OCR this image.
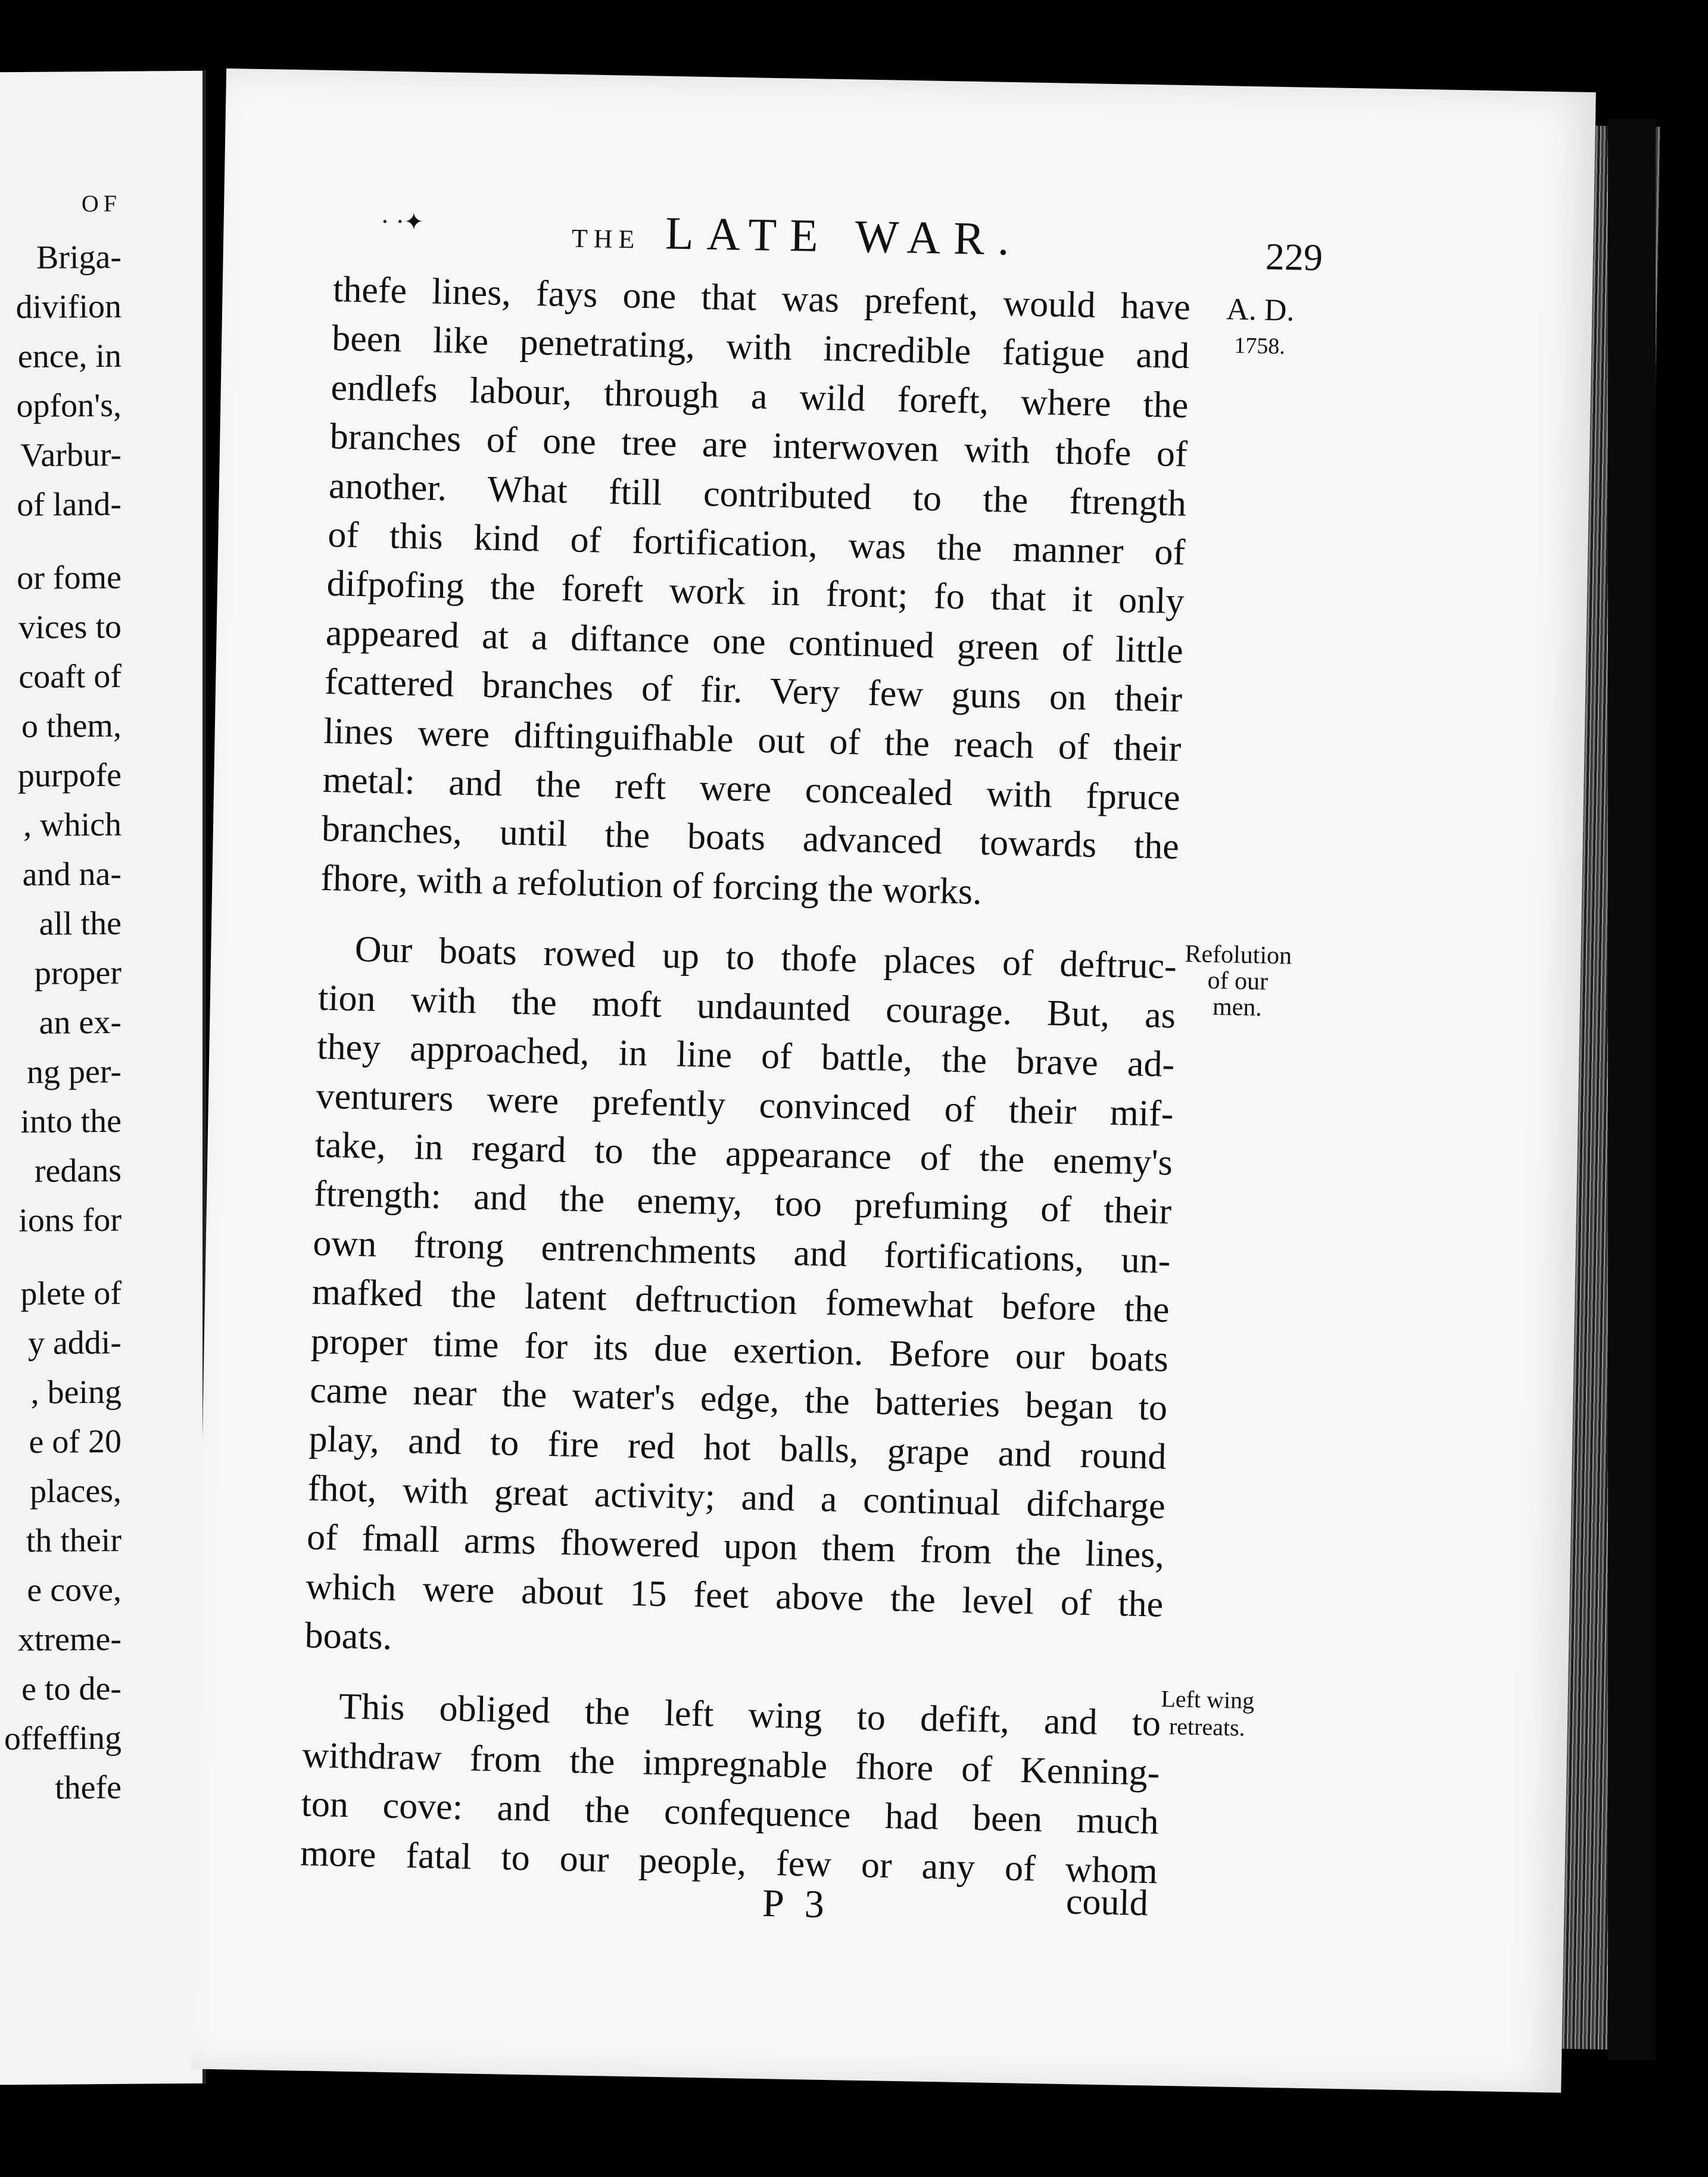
OF
Briga-
divifion
ence, in
opfon's,
Varbur-
of land-
or fome
vices to
coaft of
o them,
purpofe
, which
and na-
all the
proper
an ex-
ng per-
into the
redans
ions for
plete of
y addi-
, being
e of 20
places,
th their
e cove,
xtreme-
e to de-
offeffing
thefe
· ·✦
THE LATE WAR.	229
A. D.
1758.
Refolution
of our
men.
Left wing
retreats.
thefe lines, fays one that was prefent, would have
been like penetrating, with incredible fatigue and
endlefs labour, through a wild foreft, where the
branches of one tree are interwoven with thofe of
another. What ftill contributed to the ftrength
of this kind of fortification, was the manner of
difpofing the foreft work in front; fo that it only
appeared at a diftance one continued green of little
fcattered branches of fir. Very few guns on their
lines were diftinguifhable out of the reach of their
metal: and the reft were concealed with fpruce
branches, until the boats advanced towards the
fhore, with a refolution of forcing the works.
Our boats rowed up to thofe places of deftruc-
tion with the moft undaunted courage. But, as
they approached, in line of battle, the brave ad-
venturers were prefently convinced of their mif-
take, in regard to the appearance of the enemy's
ftrength: and the enemy, too prefuming of their
own ftrong entrenchments and fortifications, un-
mafked the latent deftruction fomewhat before the
proper time for its due exertion. Before our boats
came near the water's edge, the batteries began to
play, and to fire red hot balls, grape and round
fhot, with great activity; and a continual difcharge
of fmall arms fhowered upon them from the lines,
which were about 15 feet above the level of the
boats.
This obliged the left wing to defift, and to
withdraw from the impregnable fhore of Kenning-
ton cove: and the confequence had been much
more fatal to our people, few or any of whom
P 3	could
